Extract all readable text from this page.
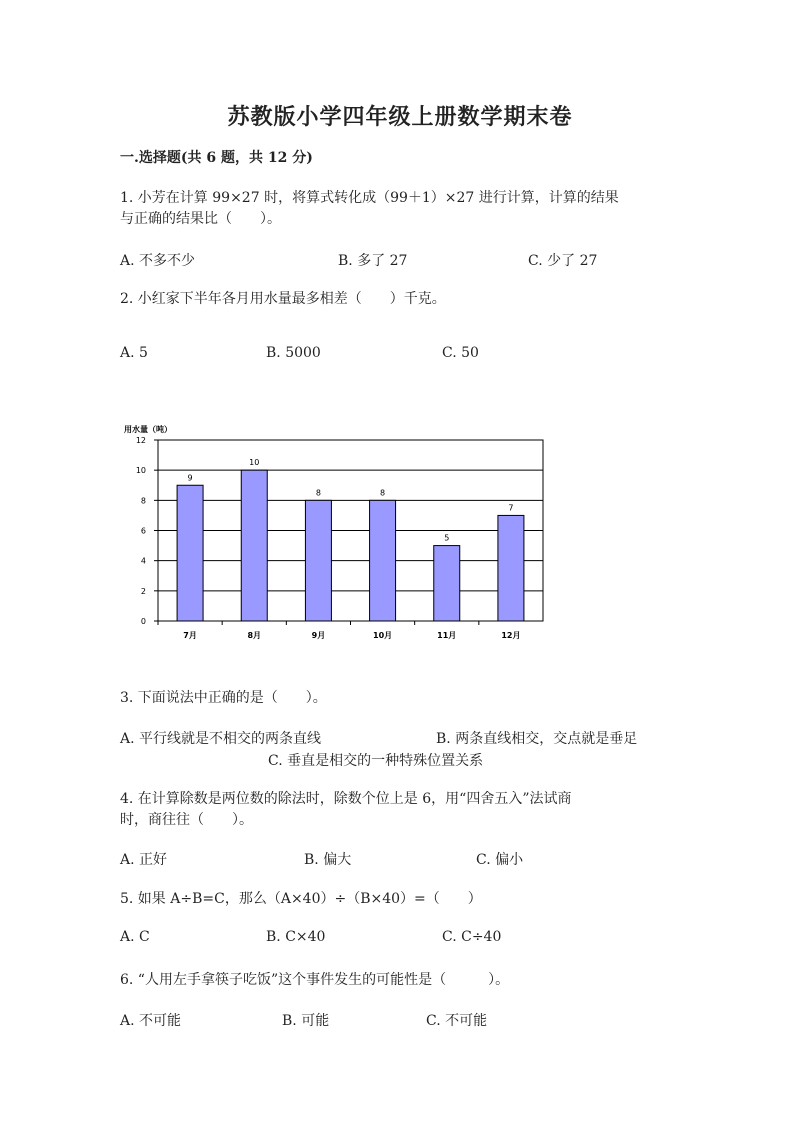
苏教版小学四年级上册数学期末卷
一.选择题(共 6 题，共 12 分)
1. 小芳在计算 99×27 时，将算式转化成（99＋1）×27 进行计算，计算的结果
与正确的结果比（　　）。
A. 不多不少	B. 多了 27	C. 少了 27
2. 小红家下半年各月用水量最多相差（　　）千克。
A. 5	B. 5000	C. 50
用水量（吨）
0
2
4
6
8
10
12
7月	8月	9月	10月	11月	12月
9
10
8	8
5
7
3. 下面说法中正确的是（　　）。
A. 平行线就是不相交的两条直线	B. 两条直线相交，交点就是垂足
C. 垂直是相交的一种特殊位置关系
4. 在计算除数是两位数的除法时，除数个位上是 6，用“四舍五入”法试商
时，商往往（　　）。
A. 正好	B. 偏大	C. 偏小
5. 如果 A÷B=C，那么（A×40）÷（B×40）=（　　）
A. C	B. C×40	C. C÷40
6. “人用左手拿筷子吃饭”这个事件发生的可能性是（　　　）。
A. 不可能	B. 可能	C. 不可能
